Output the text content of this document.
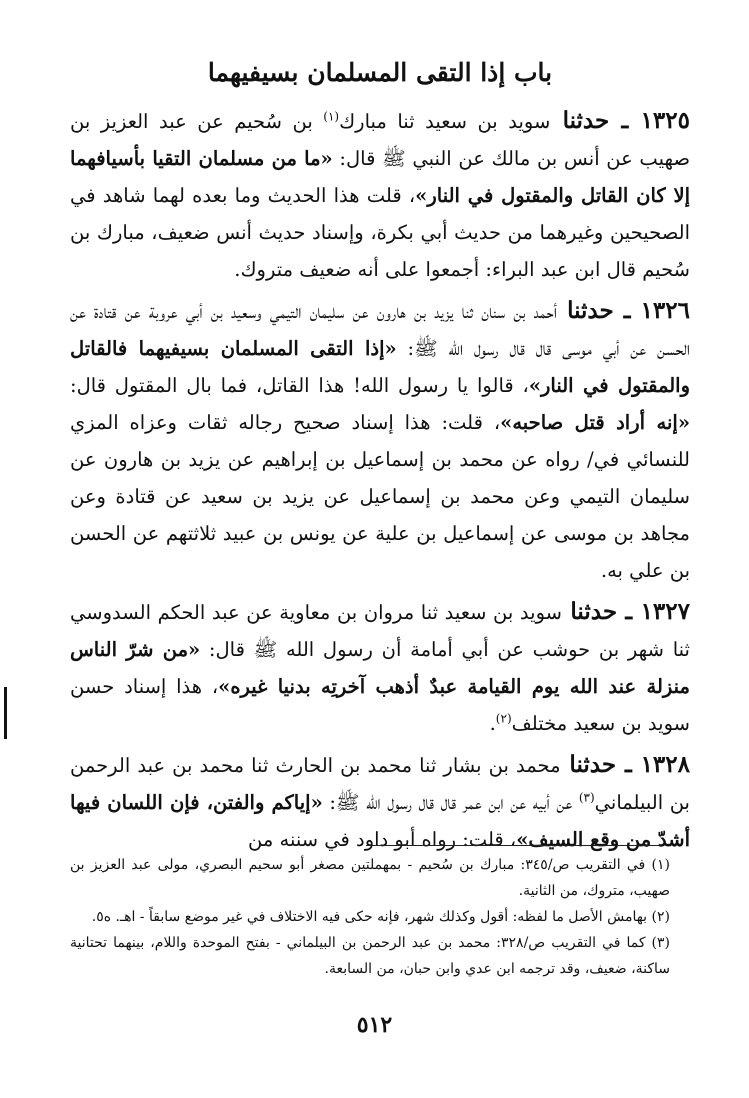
باب إذا التقى المسلمان بسيفيهما

١٣٢٥ ـ حدثنا سويد بن سعيد ثنا مبارك$^{(١)}$ بن سُحيم عن عبد العزيز بن صهيب عن أنس بن مالك عن النبي ﷺ قال: «ما من مسلمان التقيا بأسيافهما إلا كان القاتل والمقتول في النار»، قلت هذا الحديث وما بعده لهما شاهد في الصحيحين وغيرهما من حديث أبي بكرة، وإسناد حديث أنس ضعيف، مبارك بن سُحيم قال ابن عبد البراء: أجمعوا على أنه ضعيف متروك.

١٣٢٦ ـ حدثنا أحمد بن سنان ثنا يزيد بن هارون عن سليمان التيمي وسعيد بن أبي عروبة عن قتادة عن الحسن عن أبي موسى قال قال رسول الله ﷺ: «إذا التقى المسلمان بسيفيهما فالقاتل والمقتول في النار»، قالوا يا رسول الله! هذا القاتل، فما بال المقتول قال: «إنه أراد قتل صاحبه»، قلت: هذا إسناد صحيح رجاله ثقات وعزاه المزي للنسائي في/ رواه عن محمد بن إسماعيل بن إبراهيم عن يزيد بن هارون عن سليمان التيمي وعن محمد بن إسماعيل عن يزيد بن سعيد عن قتادة وعن مجاهد بن موسى عن إسماعيل بن علية عن يونس بن عبيد ثلاثتهم عن الحسن بن علي به.

١٣٢٧ ـ حدثنا سويد بن سعيد ثنا مروان بن معاوية عن عبد الحكم السدوسي ثنا شهر بن حوشب عن أبي أمامة أن رسول الله ﷺ قال: «من شرّ الناس منزلة عند الله يوم القيامة عبدٌ أذهب آخرتِه بدنيا غيره»، هذا إسناد حسن سويد بن سعيد مختلف$^{(٢)}$.

١٣٢٨ ـ حدثنا محمد بن بشار ثنا محمد بن الحارث ثنا محمد بن عبد الرحمن بن البيلماني$^{(٣)}$ عن أبيه عن ابن عمر قال قال رسول الله ﷺ: «إياكم والفتن، فإن اللسان فيها أشدّ من وقع السيف»، قلت: رواه أبو داود في سننه من

(١) في التقريب ص/٣٤٥: مبارك بن سُحيم - بمهملتين مصغر أبو سحيم البصري، مولى عبد العزيز بن صهيب، متروك، من الثانية.

(٢) بهامش الأصل ما لفظه: أقول وكذلك شهر، فإنه حكى فيه الاختلاف في غير موضع سابقاً - اهـ. ه٥.

(٣) كما في التقريب ص/٣٢٨: محمد بن عبد الرحمن بن البيلماني - بفتح الموحدة واللام، بينهما تحتانية ساكنة، ضعيف، وقد ترجمه ابن عدي وابن حبان، من السابعة.

٥١٢
